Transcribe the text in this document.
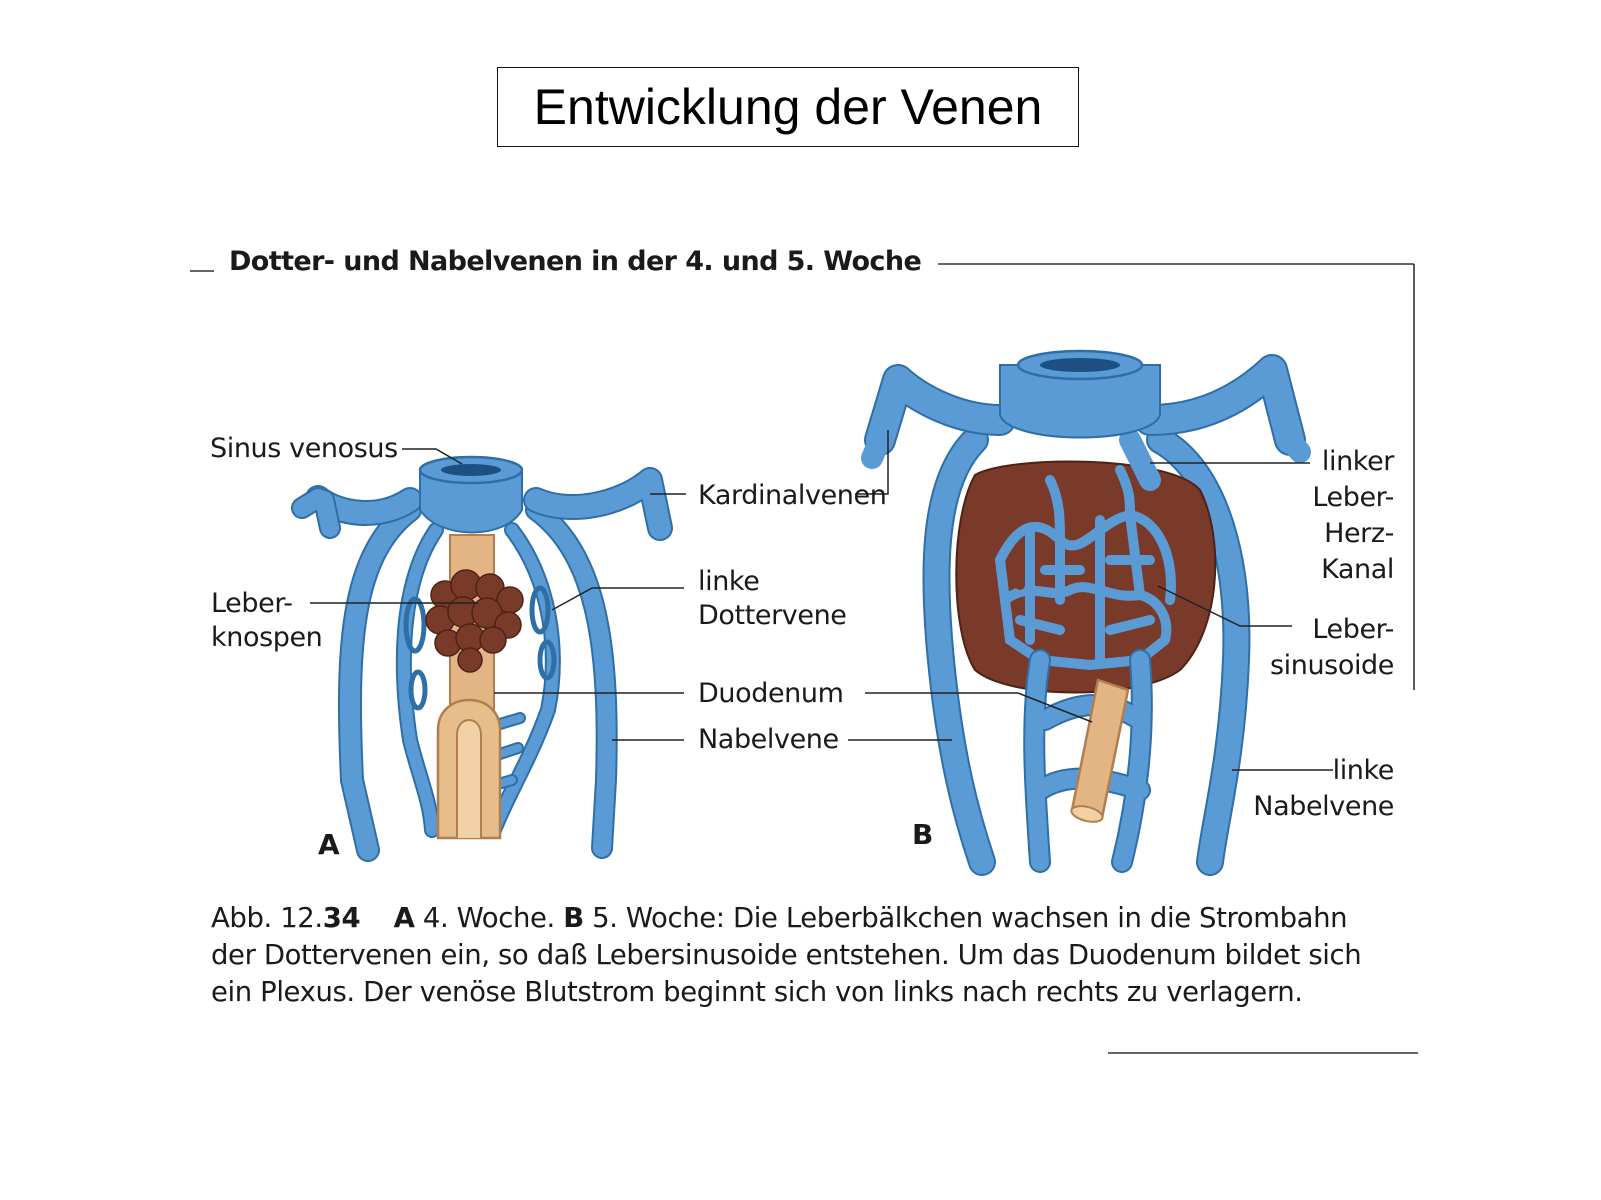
Entwicklung der Venen
Dotter- und Nabelvenen in der 4. und 5. Woche
Sinus venosus
Leber-
knospen
A
Kardinalvenen
linke
Dottervene
Duodenum
Nabelvene
linker
Leber-
Herz-
Kanal
Leber-
sinusoide
linke
Nabelvene
B
Abb. 12.34 A 4. Woche. B 5. Woche: Die Leberbälkchen wachsen in die Strombahn
der Dottervenen ein, so daß Lebersinusoide entstehen. Um das Duodenum bildet sich
ein Plexus. Der venöse Blutstrom beginnt sich von links nach rechts zu verlagern.
